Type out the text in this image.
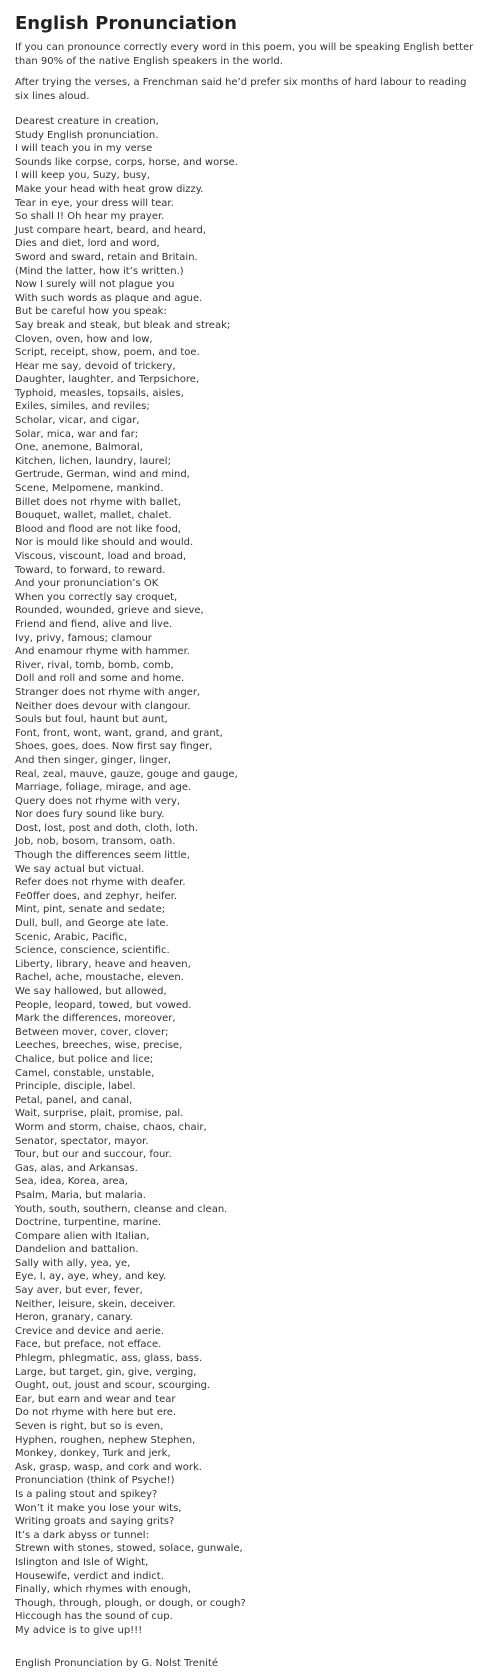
English Pronunciation

If you can pronounce correctly every word in this poem, you will be speaking English better than 90% of the native English speakers in the world.

After trying the verses, a Frenchman said he’d prefer six months of hard labour to reading six lines aloud.

Dearest creature in creation,
Study English pronunciation.
I will teach you in my verse
Sounds like corpse, corps, horse, and worse.
I will keep you, Suzy, busy,
Make your head with heat grow dizzy.
Tear in eye, your dress will tear.
So shall I! Oh hear my prayer.
Just compare heart, beard, and heard,
Dies and diet, lord and word,
Sword and sward, retain and Britain.
(Mind the latter, how it’s written.)
Now I surely will not plague you
With such words as plaque and ague.
But be careful how you speak:
Say break and steak, but bleak and streak;
Cloven, oven, how and low,
Script, receipt, show, poem, and toe.
Hear me say, devoid of trickery,
Daughter, laughter, and Terpsichore,
Typhoid, measles, topsails, aisles,
Exiles, similes, and reviles;
Scholar, vicar, and cigar,
Solar, mica, war and far;
One, anemone, Balmoral,
Kitchen, lichen, laundry, laurel;
Gertrude, German, wind and mind,
Scene, Melpomene, mankind.
Billet does not rhyme with ballet,
Bouquet, wallet, mallet, chalet.
Blood and flood are not like food,
Nor is mould like should and would.
Viscous, viscount, load and broad,
Toward, to forward, to reward.
And your pronunciation’s OK
When you correctly say croquet,
Rounded, wounded, grieve and sieve,
Friend and fiend, alive and live.
Ivy, privy, famous; clamour
And enamour rhyme with hammer.
River, rival, tomb, bomb, comb,
Doll and roll and some and home.
Stranger does not rhyme with anger,
Neither does devour with clangour.
Souls but foul, haunt but aunt,
Font, front, wont, want, grand, and grant,
Shoes, goes, does. Now first say finger,
And then singer, ginger, linger,
Real, zeal, mauve, gauze, gouge and gauge,
Marriage, foliage, mirage, and age.
Query does not rhyme with very,
Nor does fury sound like bury.
Dost, lost, post and doth, cloth, loth.
Job, nob, bosom, transom, oath.
Though the differences seem little,
We say actual but victual.
Refer does not rhyme with deafer.
Fe0ffer does, and zephyr, heifer.
Mint, pint, senate and sedate;
Dull, bull, and George ate late.
Scenic, Arabic, Pacific,
Science, conscience, scientific.
Liberty, library, heave and heaven,
Rachel, ache, moustache, eleven.
We say hallowed, but allowed,
People, leopard, towed, but vowed.
Mark the differences, moreover,
Between mover, cover, clover;
Leeches, breeches, wise, precise,
Chalice, but police and lice;
Camel, constable, unstable,
Principle, disciple, label.
Petal, panel, and canal,
Wait, surprise, plait, promise, pal.
Worm and storm, chaise, chaos, chair,
Senator, spectator, mayor.
Tour, but our and succour, four.
Gas, alas, and Arkansas.
Sea, idea, Korea, area,
Psalm, Maria, but malaria.
Youth, south, southern, cleanse and clean.
Doctrine, turpentine, marine.
Compare alien with Italian,
Dandelion and battalion.
Sally with ally, yea, ye,
Eye, I, ay, aye, whey, and key.
Say aver, but ever, fever,
Neither, leisure, skein, deceiver.
Heron, granary, canary.
Crevice and device and aerie.
Face, but preface, not efface.
Phlegm, phlegmatic, ass, glass, bass.
Large, but target, gin, give, verging,
Ought, out, joust and scour, scourging.
Ear, but earn and wear and tear
Do not rhyme with here but ere.
Seven is right, but so is even,
Hyphen, roughen, nephew Stephen,
Monkey, donkey, Turk and jerk,
Ask, grasp, wasp, and cork and work.
Pronunciation (think of Psyche!)
Is a paling stout and spikey?
Won’t it make you lose your wits,
Writing groats and saying grits?
It’s a dark abyss or tunnel:
Strewn with stones, stowed, solace, gunwale,
Islington and Isle of Wight,
Housewife, verdict and indict.
Finally, which rhymes with enough,
Though, through, plough, or dough, or cough?
Hiccough has the sound of cup.
My advice is to give up!!!

English Pronunciation by G. Nolst Trenité
